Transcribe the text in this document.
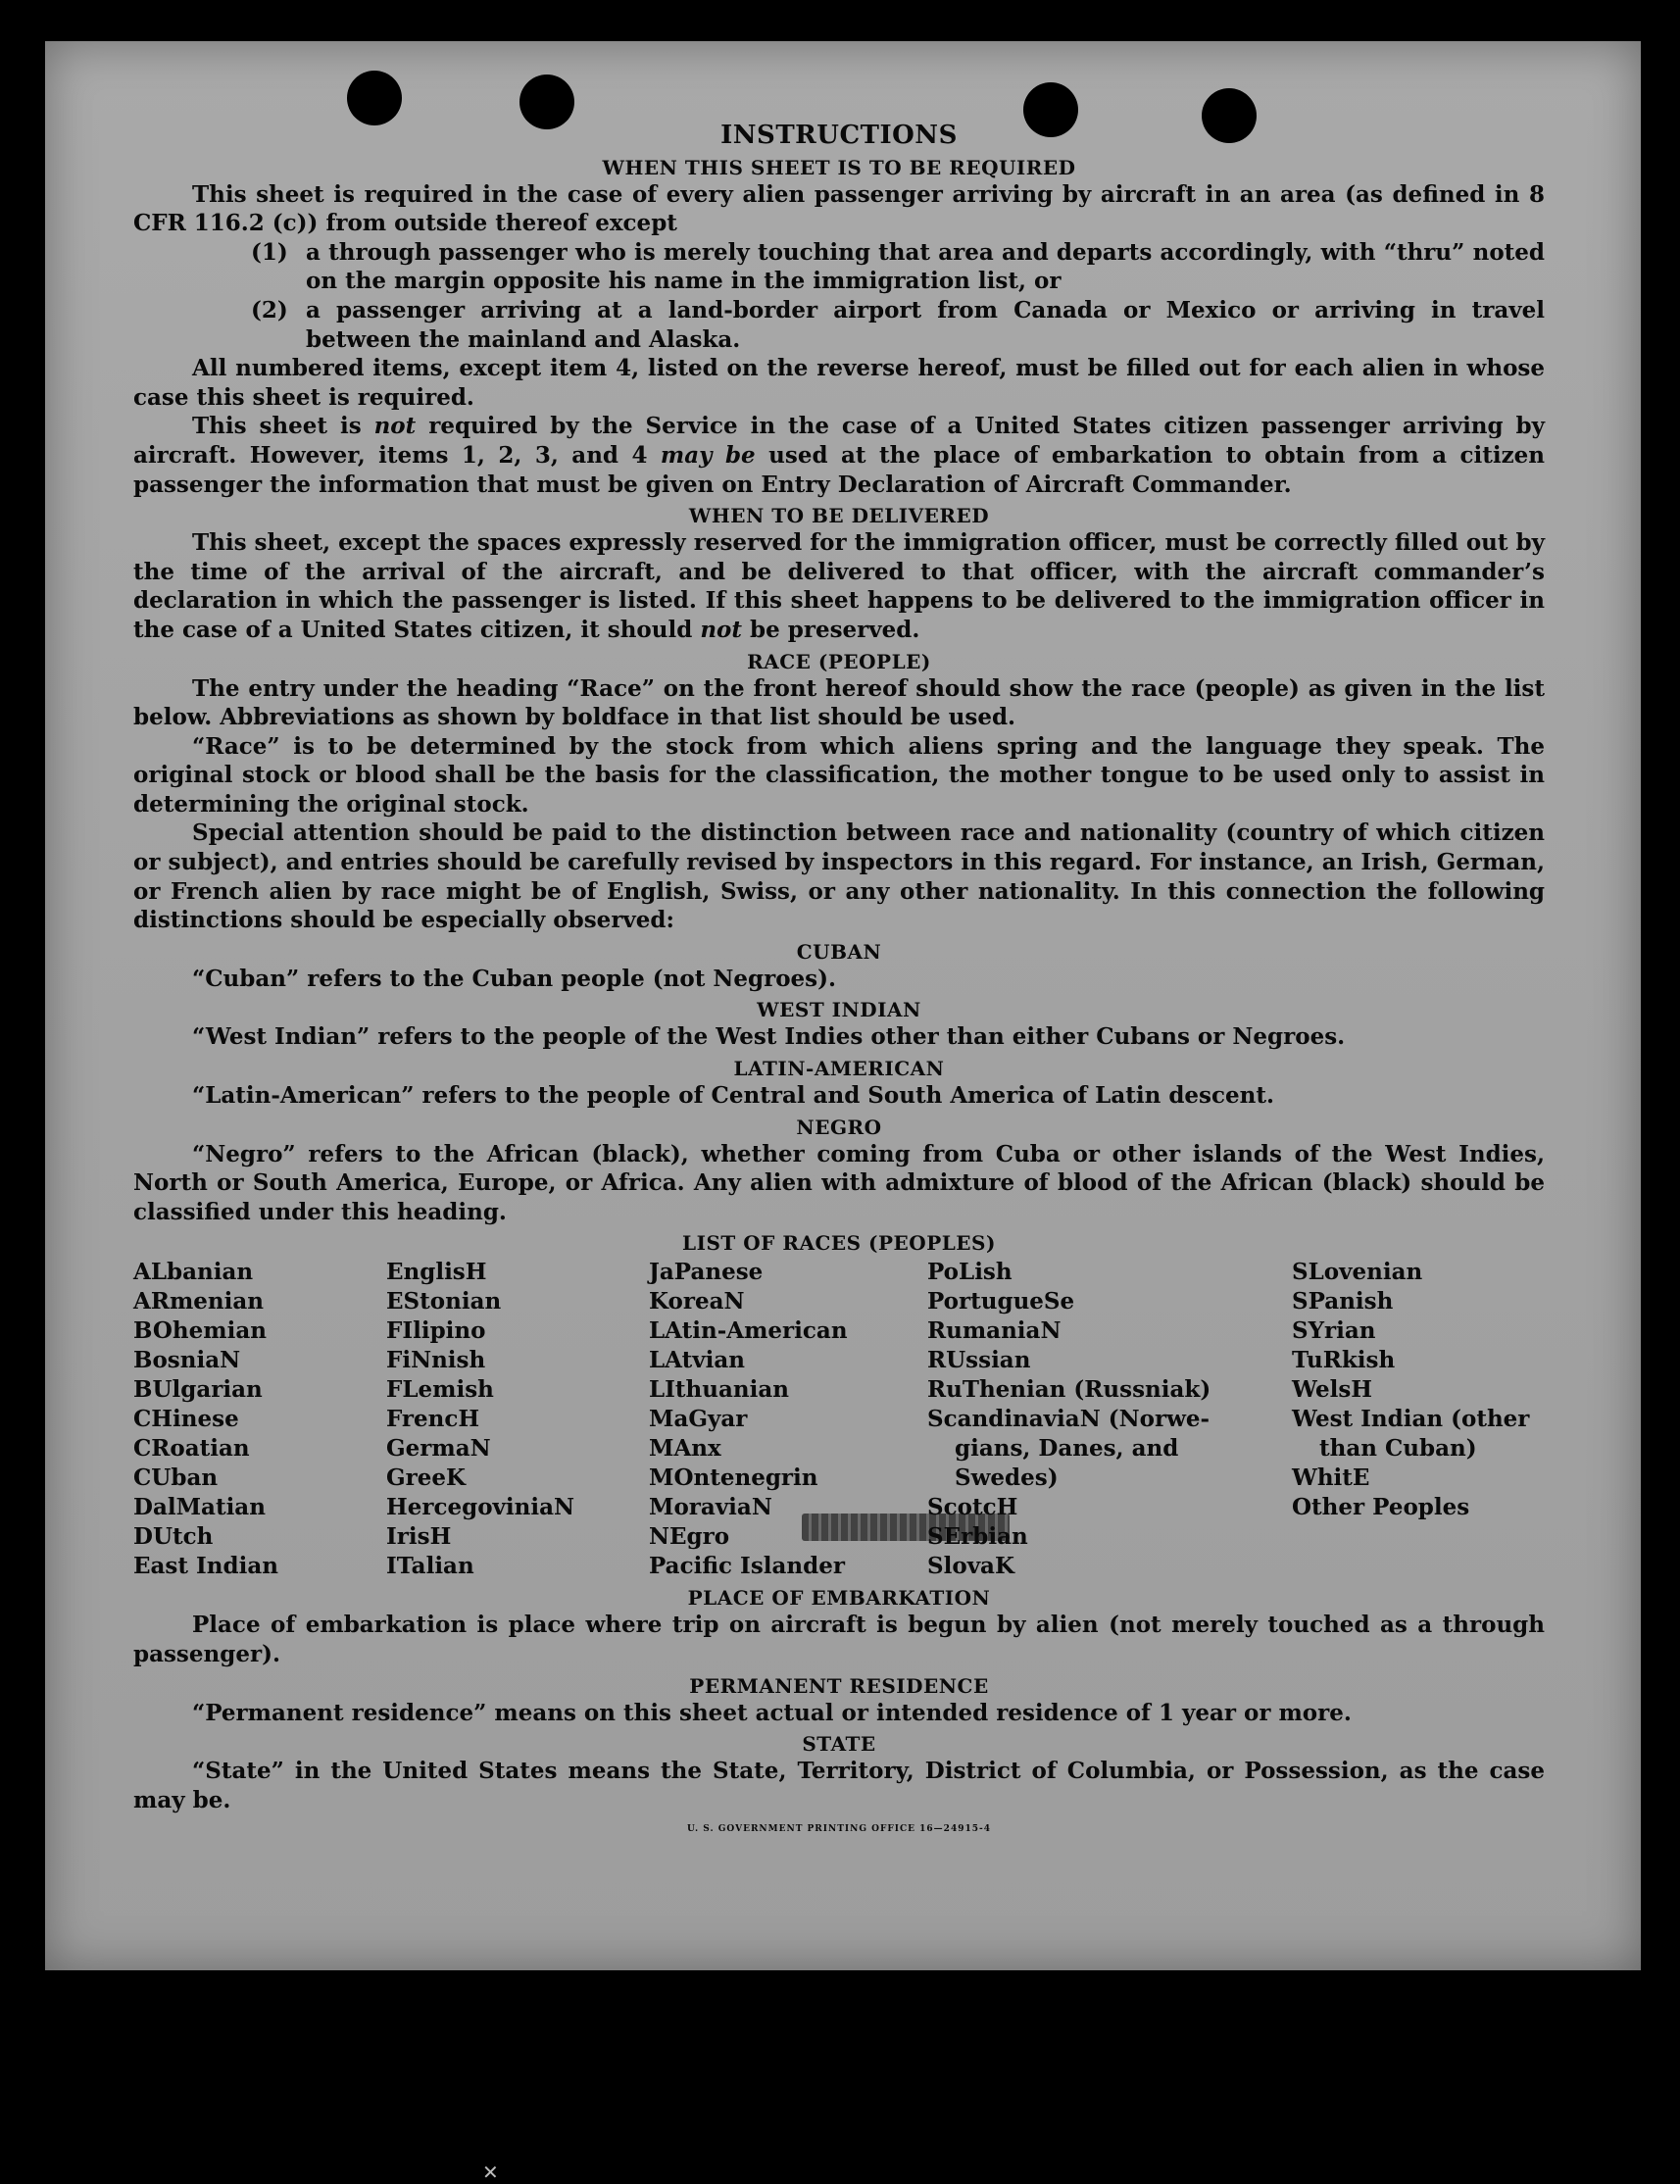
INSTRUCTIONS
WHEN THIS SHEET IS TO BE REQUIRED

This sheet is required in the case of every alien passenger arriving by aircraft in an area (as defined in 8 CFR 116.2 (c)) from outside thereof except

(1) a through passenger who is merely touching that area and departs accordingly, with “thru” noted on the margin opposite his name in the immigration list, or
(2) a passenger arriving at a land-border airport from Canada or Mexico or arriving in travel between the mainland and Alaska.

All numbered items, except item 4, listed on the reverse hereof, must be filled out for each alien in whose case this sheet is required.

This sheet is not required by the Service in the case of a United States citizen passenger arriving by aircraft. However, items 1, 2, 3, and 4 may be used at the place of embarkation to obtain from a citizen passenger the information that must be given on Entry Declaration of Aircraft Commander.

WHEN TO BE DELIVERED

This sheet, except the spaces expressly reserved for the immigration officer, must be correctly filled out by the time of the arrival of the aircraft, and be delivered to that officer, with the aircraft commander’s declaration in which the passenger is listed. If this sheet happens to be delivered to the immigration officer in the case of a United States citizen, it should not be preserved.

RACE (PEOPLE)

The entry under the heading “Race” on the front hereof should show the race (people) as given in the list below. Abbreviations as shown by boldface in that list should be used.

“Race” is to be determined by the stock from which aliens spring and the language they speak. The original stock or blood shall be the basis for the classification, the mother tongue to be used only to assist in determining the original stock.

Special attention should be paid to the distinction between race and nationality (country of which citizen or subject), and entries should be carefully revised by inspectors in this regard. For instance, an Irish, German, or French alien by race might be of English, Swiss, or any other nationality. In this connection the following distinctions should be especially observed:

CUBAN

“Cuban” refers to the Cuban people (not Negroes).

WEST INDIAN

“West Indian” refers to the people of the West Indies other than either Cubans or Negroes.

LATIN-AMERICAN

“Latin-American” refers to the people of Central and South America of Latin descent.

NEGRO

“Negro” refers to the African (black), whether coming from Cuba or other islands of the West Indies, North or South America, Europe, or Africa. Any alien with admixture of blood of the African (black) should be classified under this heading.

LIST OF RACES (PEOPLES)
ALbanian
ARmenian
BOhemian
BosniaN
BUlgarian
CHinese
CRoatian
CUban
DalMatian
DUtch
East Indian
EnglisH
EStonian
FIlipino
FiNnish
FLemish
FrencH
GermaN
GreeK
HercegoviniaN
IrisH
ITalian
JaPanese
KoreaN
LAtin-American
LAtvian
LIthuanian
MaGyar
MAnx
MOntenegrin
MoraviaN
NEgro
Pacific Islander
PoLish
PortugueSe
RumaniaN
RUssian
RuThenian (Russniak)
ScandinaviaN (Norwe-
gians, Danes, and
Swedes)
ScotcH
SErbian
SlovaK
SLovenian
SPanish
SYrian
TuRkish
WelsH
West Indian (other
than Cuban)
WhitE
Other Peoples
PLACE OF EMBARKATION

Place of embarkation is place where trip on aircraft is begun by alien (not merely touched as a through passenger).

PERMANENT RESIDENCE

“Permanent residence” means on this sheet actual or intended residence of 1 year or more.

STATE

“State” in the United States means the State, Territory, District of Columbia, or Possession, as the case may be.

U. S. GOVERNMENT PRINTING OFFICE 16—24915-4
✕
